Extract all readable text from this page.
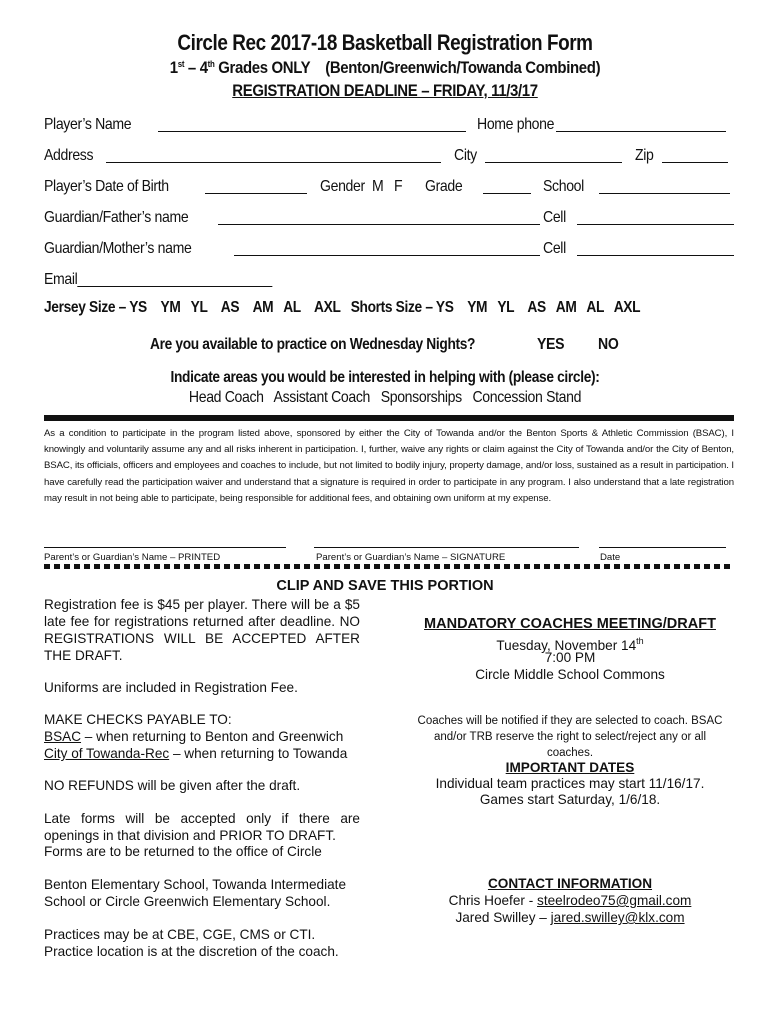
Circle Rec 2017-18 Basketball Registration Form
1st – 4th Grades ONLY    (Benton/Greenwich/Towanda Combined)
REGISTRATION DEADLINE – FRIDAY, 11/3/17
Player’s Name	Home phone
Address	City	Zip
Player’s Date of Birth	Gender  M   F Grade	School
Guardian/Father’s name	Cell
Guardian/Mother’s name	Cell
Email__________________________
Jersey Size – YS    YM   YL    AS    AM   AL    AXL   Shorts Size – YS    YM   YL    AS   AM   AL   AXL
Are you available to practice on Wednesday Nights?	YES NO
Indicate areas you would be interested in helping with (please circle):
Head Coach   Assistant Coach   Sponsorships   Concession Stand
As a condition to participate in the program listed above, sponsored by either the City of Towanda and/or the Benton Sports & Athletic Commission (BSAC), I knowingly and voluntarily assume any and all risks inherent in participation. I, further, waive any rights or claim against the City of Towanda and/or the City of Benton, BSAC, its officials, officers and employees and coaches to include, but not limited to bodily injury, property damage, and/or loss, sustained as a result in participation. I have carefully read the participation waiver and understand that a signature is required in order to participate in any program. I also understand that a late registration may result in not being able to participate, being responsible for additional fees, and obtaining own uniform at my expense.
Parent’s or Guardian’s Name – PRINTED	Parent’s or Guardian’s Name – SIGNATURE	Date
CLIP AND SAVE THIS PORTION
Registration fee is $45 per player. There will be a $5 late fee for registrations returned after deadline. NO REGISTRATIONS WILL BE ACCEPTED AFTER THE DRAFT.
Uniforms are included in Registration Fee.
MAKE CHECKS PAYABLE TO:
BSAC – when returning to Benton and Greenwich
City of Towanda-Rec – when returning to Towanda
NO REFUNDS will be given after the draft.
Late forms will be accepted only if there are openings in that division and PRIOR TO DRAFT.
Forms are to be returned to the office of Circle
Benton Elementary School, Towanda Intermediate School or Circle Greenwich Elementary School.
Practices may be at CBE, CGE, CMS or CTI.
Practice location is at the discretion of the coach.
MANDATORY COACHES MEETING/DRAFT
Tuesday, November 14th
7:00 PM
Circle Middle School Commons
Coaches will be notified if they are selected to coach. BSAC and/or TRB reserve the right to select/reject any or all coaches.
IMPORTANT DATES
Individual team practices may start 11/16/17.
Games start Saturday, 1/6/18.
CONTACT INFORMATION
Chris Hoefer - steelrodeo75@gmail.com
Jared Swilley – jared.swilley@klx.com
